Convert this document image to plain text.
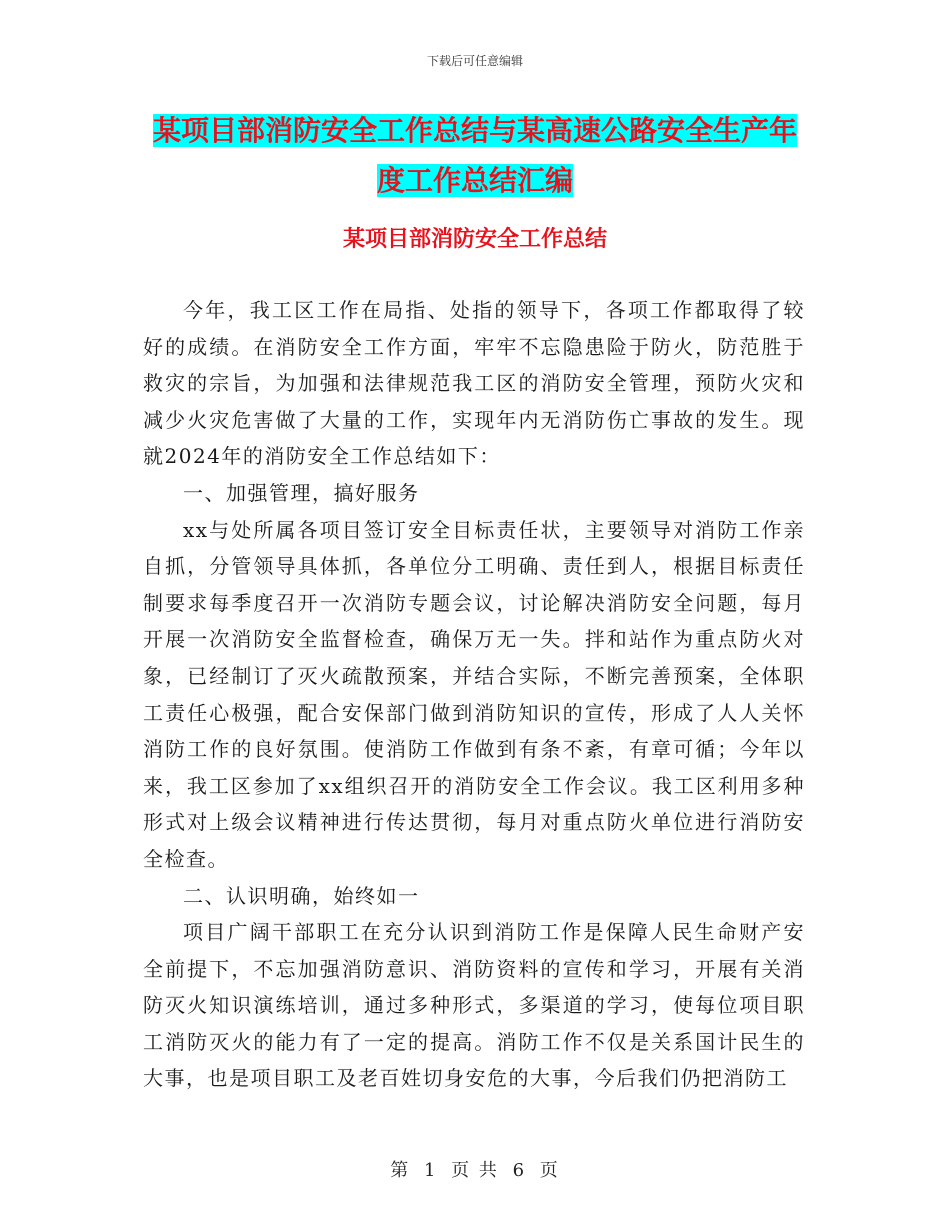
下载后可任意编辑
某项目部消防安全工作总结与某高速公路安全生产年度工作总结汇编
某项目部消防安全工作总结

今年，我工区工作在局指、处指的领导下，各项工作都取得了较好的成绩。在消防安全工作方面，牢牢不忘隐患险于防火，防范胜于救灾的宗旨，为加强和法律规范我工区的消防安全管理，预防火灾和减少火灾危害做了大量的工作，实现年内无消防伤亡事故的发生。现就2024年的消防安全工作总结如下：

一、加强管理，搞好服务

xx与处所属各项目签订安全目标责任状，主要领导对消防工作亲自抓，分管领导具体抓，各单位分工明确、责任到人，根据目标责任制要求每季度召开一次消防专题会议，讨论解决消防安全问题，每月开展一次消防安全监督检查，确保万无一失。拌和站作为重点防火对象，已经制订了灭火疏散预案，并结合实际，不断完善预案，全体职工责任心极强，配合安保部门做到消防知识的宣传，形成了人人关怀消防工作的良好氛围。使消防工作做到有条不紊，有章可循；今年以来，我工区参加了xx组织召开的消防安全工作会议。我工区利用多种形式对上级会议精神进行传达贯彻，每月对重点防火单位进行消防安全检查。

二、认识明确，始终如一

项目广阔干部职工在充分认识到消防工作是保障人民生命财产安全前提下，不忘加强消防意识、消防资料的宣传和学习，开展有关消防灭火知识演练培训，通过多种形式，多渠道的学习，使每位项目职工消防灭火的能力有了一定的提高。消防工作不仅是关系国计民生的大事，也是项目职工及老百姓切身安危的大事，今后我们仍把消防工

第 1 页 共 6 页
